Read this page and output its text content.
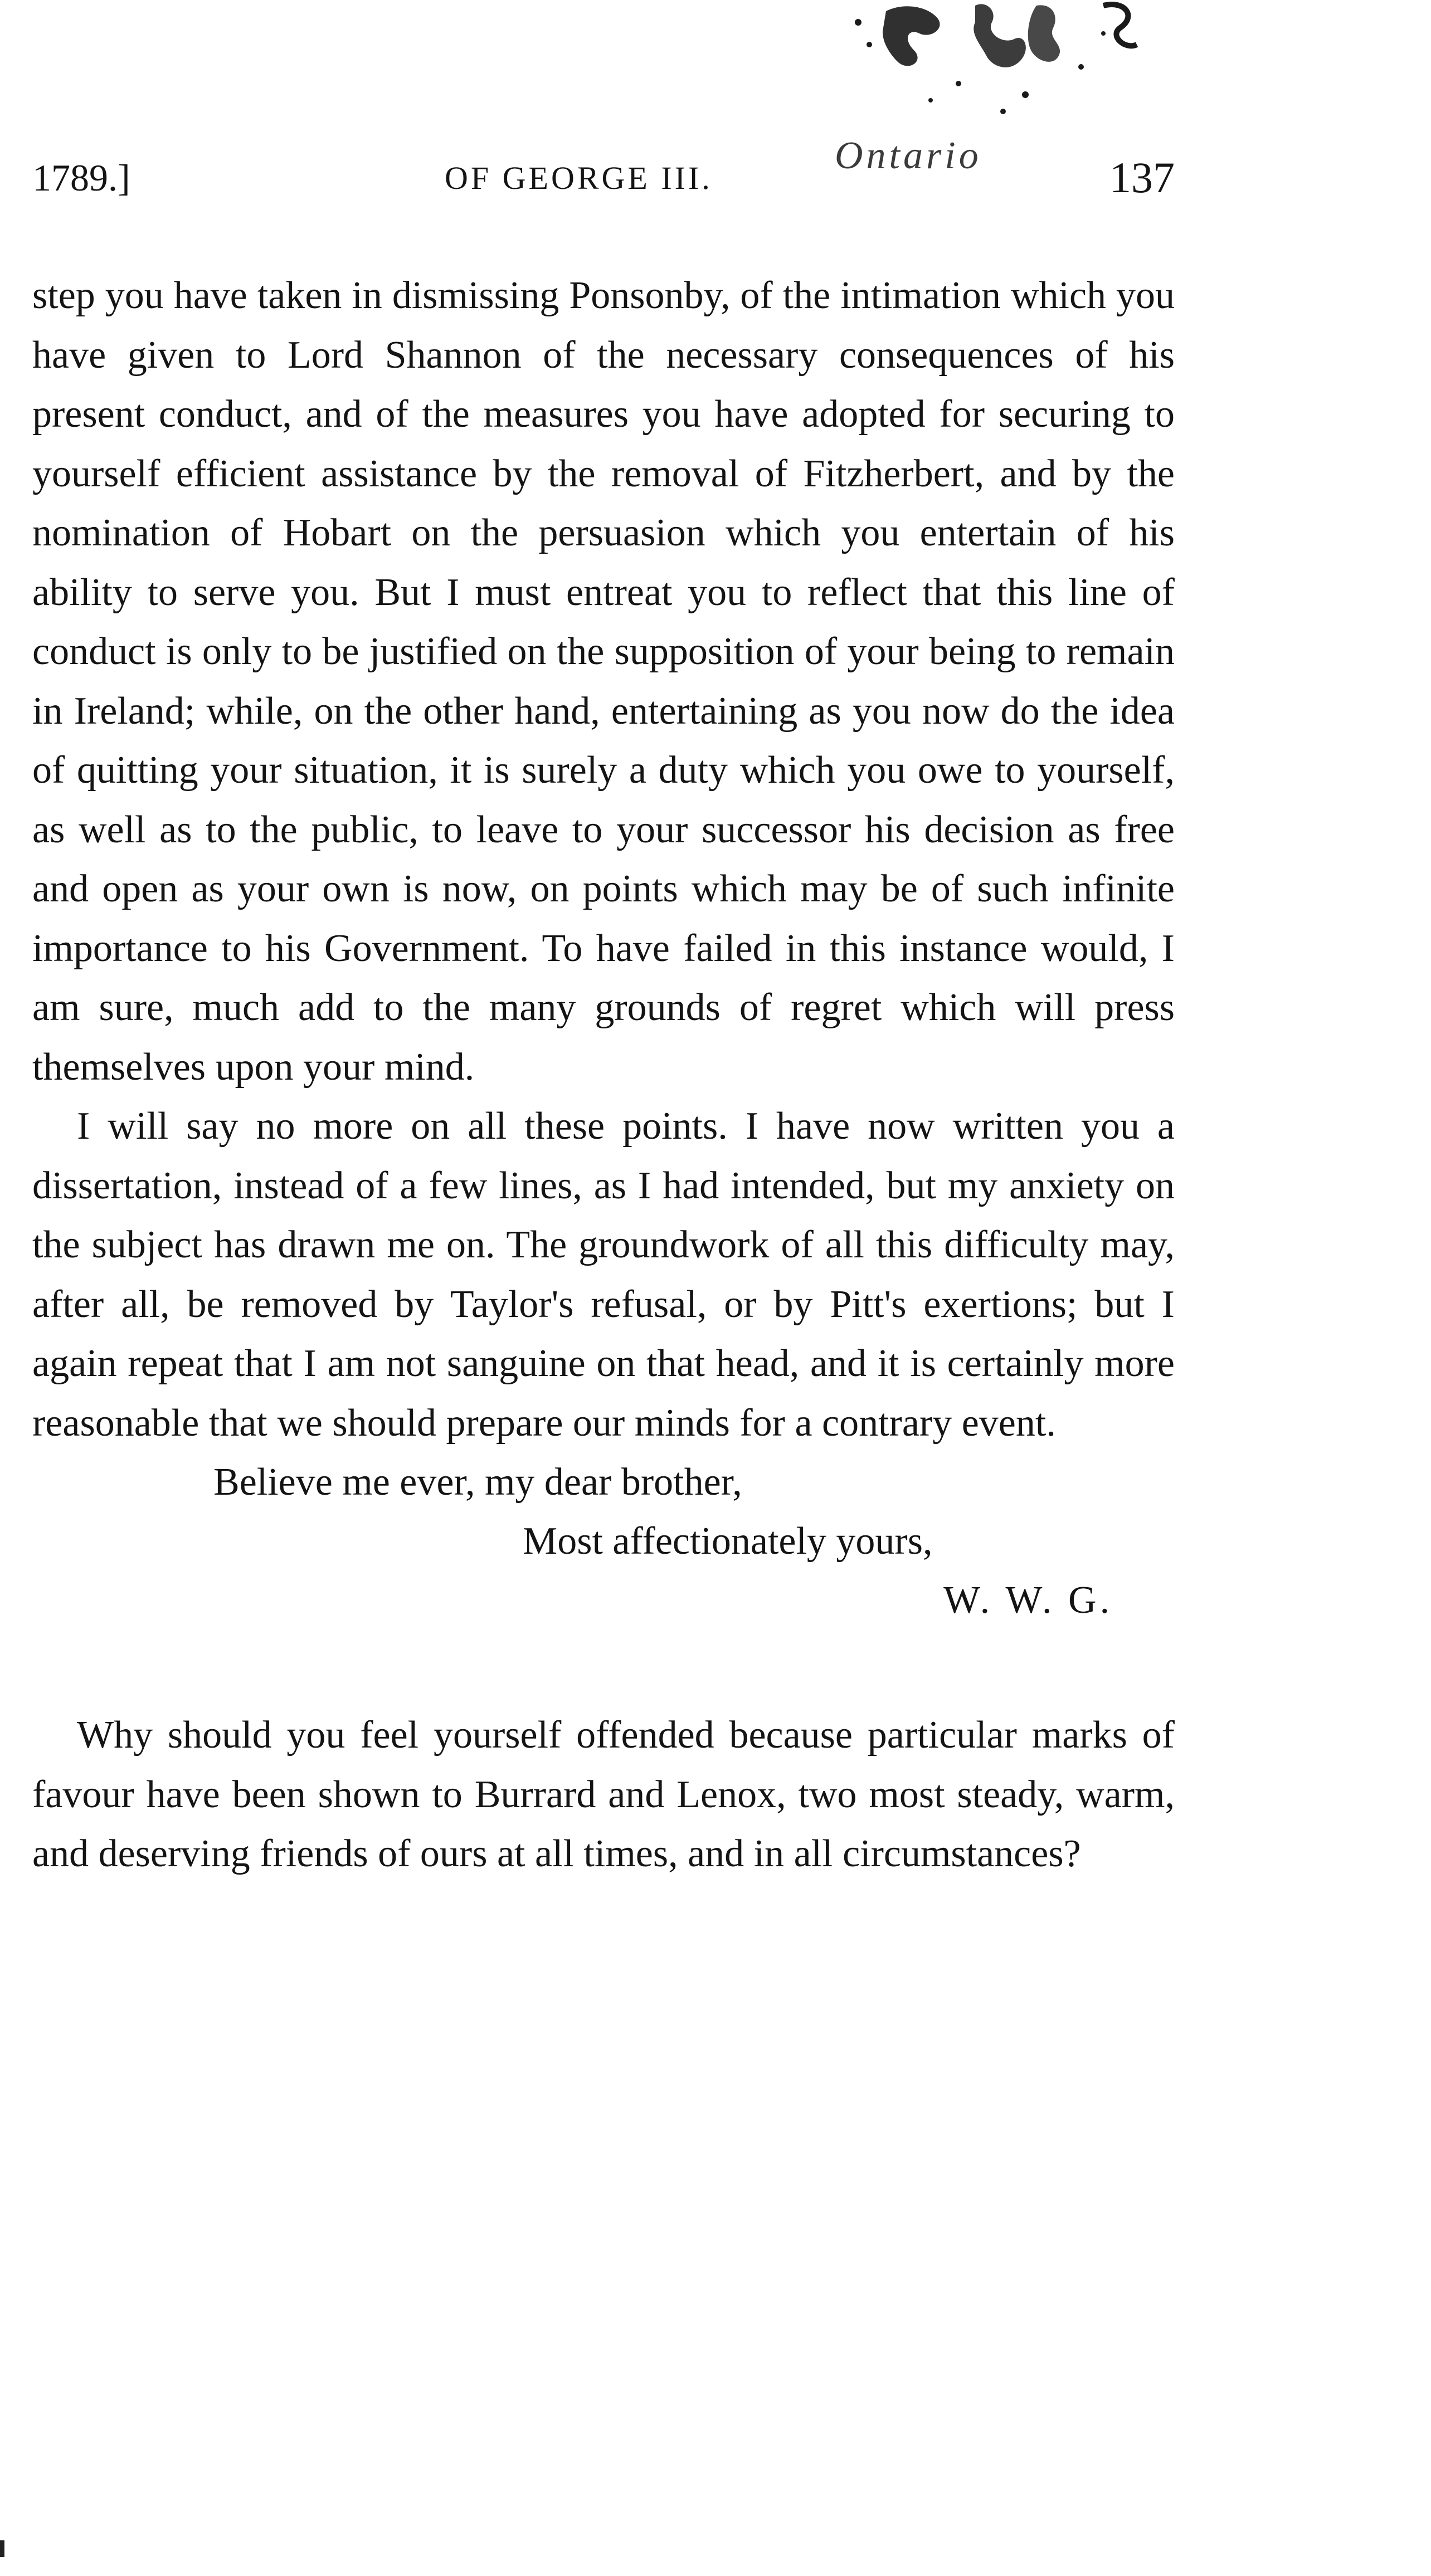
1789.]	OF GEORGE III.
Ontario	137

step you have taken in dismissing Ponsonby, of the intimation which you have given to Lord Shannon of the necessary consequences of his present conduct, and of the measures you have adopted for securing to yourself efficient assistance by the removal of Fitzherbert, and by the nomination of Hobart on the persuasion which you entertain of his ability to serve you. But I must entreat you to reflect that this line of conduct is only to be justified on the supposition of your being to remain in Ireland; while, on the other hand, entertaining as you now do the idea of quitting your situation, it is surely a duty which you owe to yourself, as well as to the public, to leave to your successor his decision as free and open as your own is now, on points which may be of such infinite importance to his Government. To have failed in this instance would, I am sure, much add to the many grounds of regret which will press themselves upon your mind.

I will say no more on all these points. I have now written you a dissertation, instead of a few lines, as I had intended, but my anxiety on the subject has drawn me on. The groundwork of all this difficulty may, after all, be removed by Taylor's refusal, or by Pitt's exertions; but I again repeat that I am not sanguine on that head, and it is certainly more reasonable that we should prepare our minds for a contrary event.

Believe me ever, my dear brother,
Most affectionately yours,
W. W. G.

Why should you feel yourself offended because particular marks of favour have been shown to Burrard and Lenox, two most steady, warm, and deserving friends of ours at all times, and in all circumstances?
